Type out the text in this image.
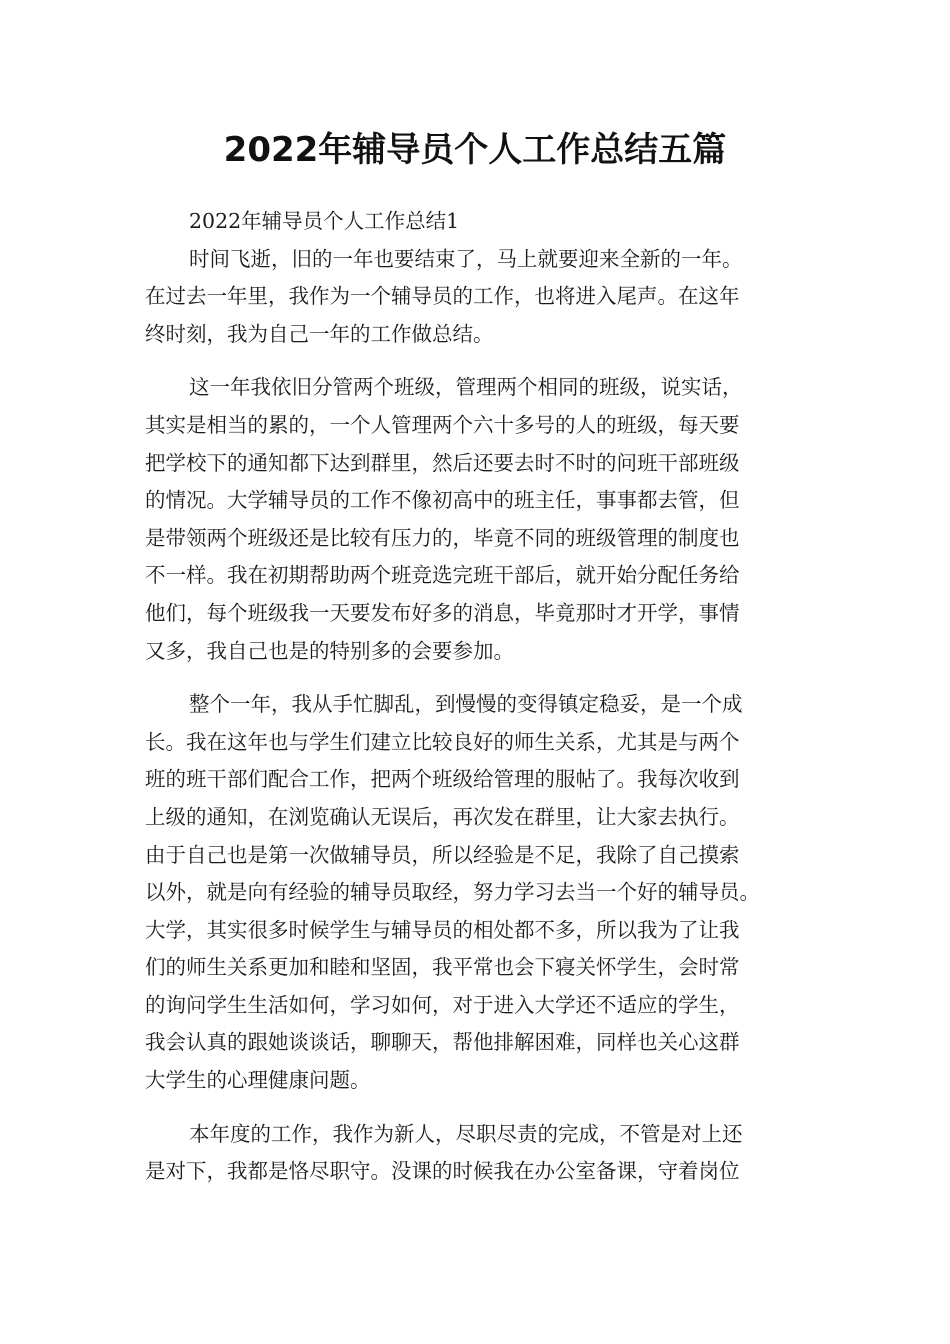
2022年辅导员个人工作总结五篇
2022年辅导员个人工作总结1
时间飞逝，旧的一年也要结束了，马上就要迎来全新的一年。
在过去一年里，我作为一个辅导员的工作，也将进入尾声。在这年
终时刻，我为自己一年的工作做总结。
这一年我依旧分管两个班级，管理两个相同的班级，说实话，
其实是相当的累的，一个人管理两个六十多号的人的班级，每天要
把学校下的通知都下达到群里，然后还要去时不时的问班干部班级
的情况。大学辅导员的工作不像初高中的班主任，事事都去管，但
是带领两个班级还是比较有压力的，毕竟不同的班级管理的制度也
不一样。我在初期帮助两个班竞选完班干部后，就开始分配任务给
他们，每个班级我一天要发布好多的消息，毕竟那时才开学，事情
又多，我自己也是的特别多的会要参加。
整个一年，我从手忙脚乱，到慢慢的变得镇定稳妥，是一个成
长。我在这年也与学生们建立比较良好的师生关系，尤其是与两个
班的班干部们配合工作，把两个班级给管理的服帖了。我每次收到
上级的通知，在浏览确认无误后，再次发在群里，让大家去执行。
由于自己也是第一次做辅导员，所以经验是不足，我除了自己摸索
以外，就是向有经验的辅导员取经，努力学习去当一个好的辅导员。
大学，其实很多时候学生与辅导员的相处都不多，所以我为了让我
们的师生关系更加和睦和坚固，我平常也会下寝关怀学生，会时常
的询问学生生活如何，学习如何，对于进入大学还不适应的学生，
我会认真的跟她谈谈话，聊聊天，帮他排解困难，同样也关心这群
大学生的心理健康问题。
本年度的工作，我作为新人，尽职尽责的完成，不管是对上还
是对下，我都是恪尽职守。没课的时候我在办公室备课，守着岗位
